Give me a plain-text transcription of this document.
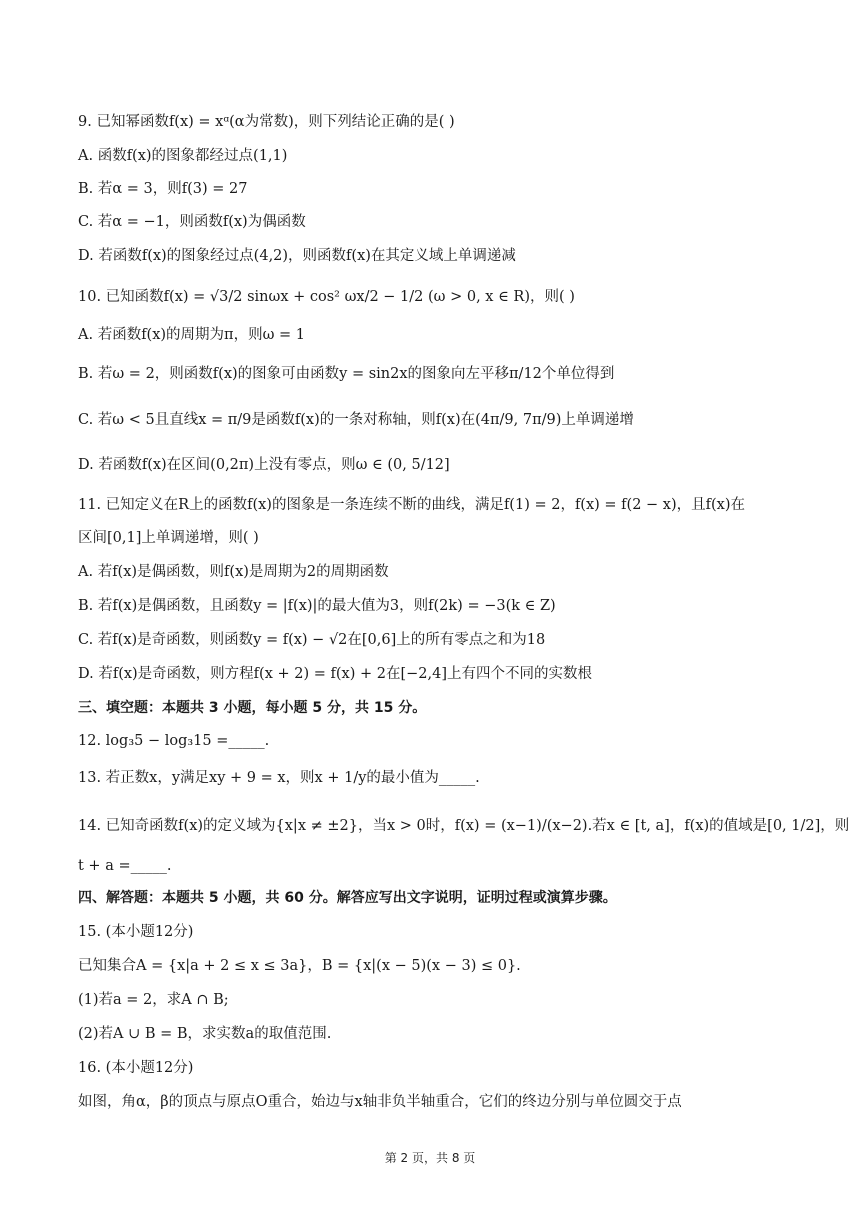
9. 已知幂函数f(x) = xᵅ(α为常数)，则下列结论正确的是( )
A. 函数f(x)的图象都经过点(1,1)
B. 若α = 3，则f(3) = 27
C. 若α = −1，则函数f(x)为偶函数
D. 若函数f(x)的图象经过点(4,2)，则函数f(x)在其定义域上单调递减
10. 已知函数f(x) = √3/2 sinωx + cos² ωx/2 − 1/2 (ω > 0, x ∈ R)，则( )
A. 若函数f(x)的周期为π，则ω = 1
B. 若ω = 2，则函数f(x)的图象可由函数y = sin2x的图象向左平移π/12个单位得到
C. 若ω < 5且直线x = π/9是函数f(x)的一条对称轴，则f(x)在(4π/9, 7π/9)上单调递增
D. 若函数f(x)在区间(0,2π)上没有零点，则ω ∈ (0, 5/12]
11. 已知定义在R上的函数f(x)的图象是一条连续不断的曲线，满足f(1) = 2，f(x) = f(2 − x)，且f(x)在
区间[0,1]上单调递增，则( )
A. 若f(x)是偶函数，则f(x)是周期为2的周期函数
B. 若f(x)是偶函数，且函数y = |f(x)|的最大值为3，则f(2k) = −3(k ∈ Z)
C. 若f(x)是奇函数，则函数y = f(x) − √2在[0,6]上的所有零点之和为18
D. 若f(x)是奇函数，则方程f(x + 2) = f(x) + 2在[−2,4]上有四个不同的实数根
三、填空题：本题共 3 小题，每小题 5 分，共 15 分。
12. log₃5 − log₃15 =_____.
13. 若正数x，y满足xy + 9 = x，则x + 1/y的最小值为_____.
14. 已知奇函数f(x)的定义域为{x|x ≠ ±2}，当x > 0时，f(x) = (x−1)/(x−2).若x ∈ [t, a]，f(x)的值域是[0, 1/2]，则
t + a =_____.
四、解答题：本题共 5 小题，共 60 分。解答应写出文字说明，证明过程或演算步骤。
15. (本小题12分)
已知集合A = {x|a + 2 ≤ x ≤ 3a}，B = {x|(x − 5)(x − 3) ≤ 0}.
(1)若a = 2，求A ∩ B;
(2)若A ∪ B = B，求实数a的取值范围.
16. (本小题12分)
如图，角α，β的顶点与原点O重合，始边与x轴非负半轴重合，它们的终边分别与单位圆交于点
第 2 页，共 8 页
